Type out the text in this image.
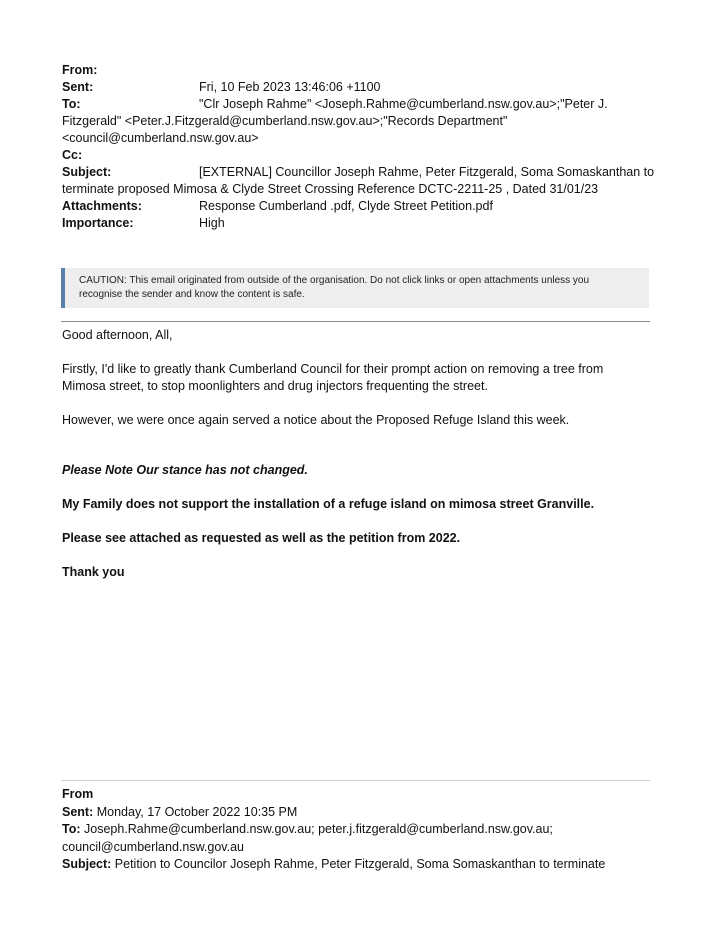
From:
Sent:	Fri, 10 Feb 2023 13:46:06 +1100
To:	"Clr Joseph Rahme" <Joseph.Rahme@cumberland.nsw.gov.au>;"Peter J.
Fitzgerald" <Peter.J.Fitzgerald@cumberland.nsw.gov.au>;"Records Department"
<council@cumberland.nsw.gov.au>
Cc:
Subject:	[EXTERNAL] Councillor Joseph Rahme, Peter Fitzgerald, Soma Somaskanthan to
terminate proposed Mimosa & Clyde Street Crossing Reference DCTC-2211-25 , Dated 31/01/23
Attachments:	Response Cumberland .pdf, Clyde Street Petition.pdf
Importance:	High
CAUTION: This email originated from outside of the organisation. Do not click links or open attachments unless you
recognise the sender and know the content is safe.
Good afternoon, All,
Firstly, I'd like to greatly thank Cumberland Council for their prompt action on removing a tree from
Mimosa street, to stop moonlighters and drug injectors frequenting the street.
However, we were once again served a notice about the Proposed Refuge Island this week.
Please Note Our stance has not changed.
My Family does not support the installation of a refuge island on mimosa street Granville.
Please see attached as requested as well as the petition from 2022.
Thank you
From
Sent: Monday, 17 October 2022 10:35 PM
To: Joseph.Rahme@cumberland.nsw.gov.au; peter.j.fitzgerald@cumberland.nsw.gov.au;
council@cumberland.nsw.gov.au
Subject: Petition to Councilor Joseph Rahme, Peter Fitzgerald, Soma Somaskanthan to terminate
